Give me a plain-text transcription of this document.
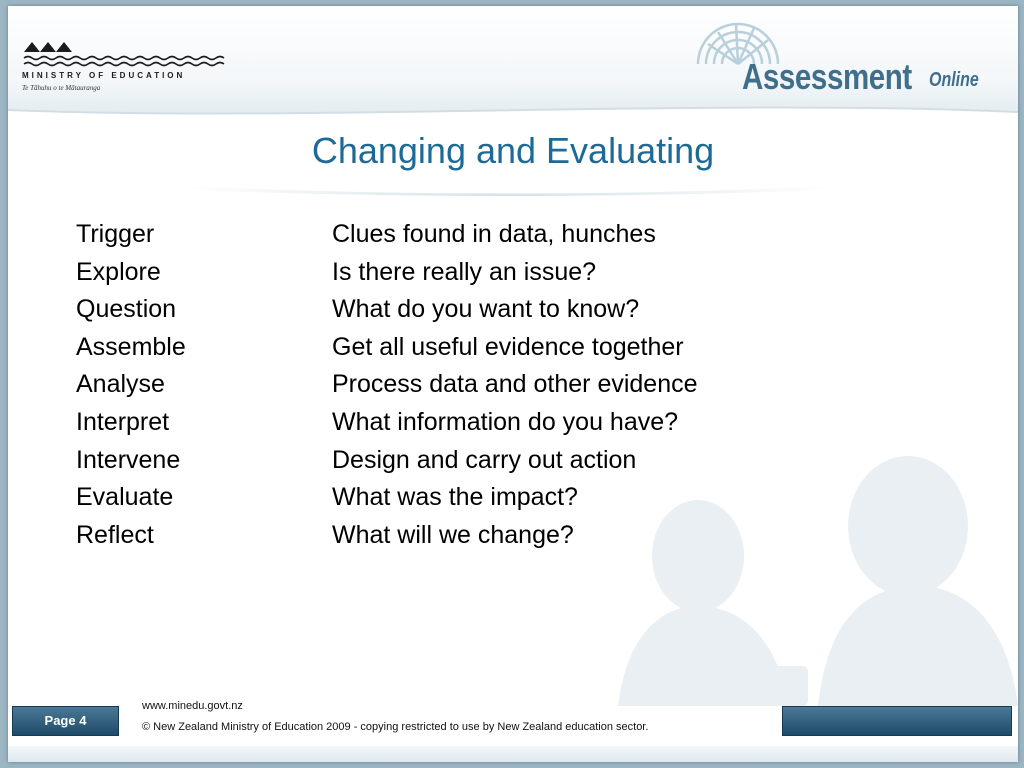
MINISTRY OF EDUCATION
Te Tāhuhu o te Mātauranga	Assessment Online
Changing and Evaluating
Trigger	Clues found in data, hunches
Explore	Is there really an issue?
Question	What do you want to know?
Assemble	Get all useful evidence together
Analyse	Process data and other evidence
Interpret	What information do you have?
Intervene	Design and carry out action
Evaluate	What was the impact?
Reflect	What will we change?
Page 4
www.minedu.govt.nz
© New Zealand Ministry of Education 2009 - copying restricted to use by New Zealand education sector.
